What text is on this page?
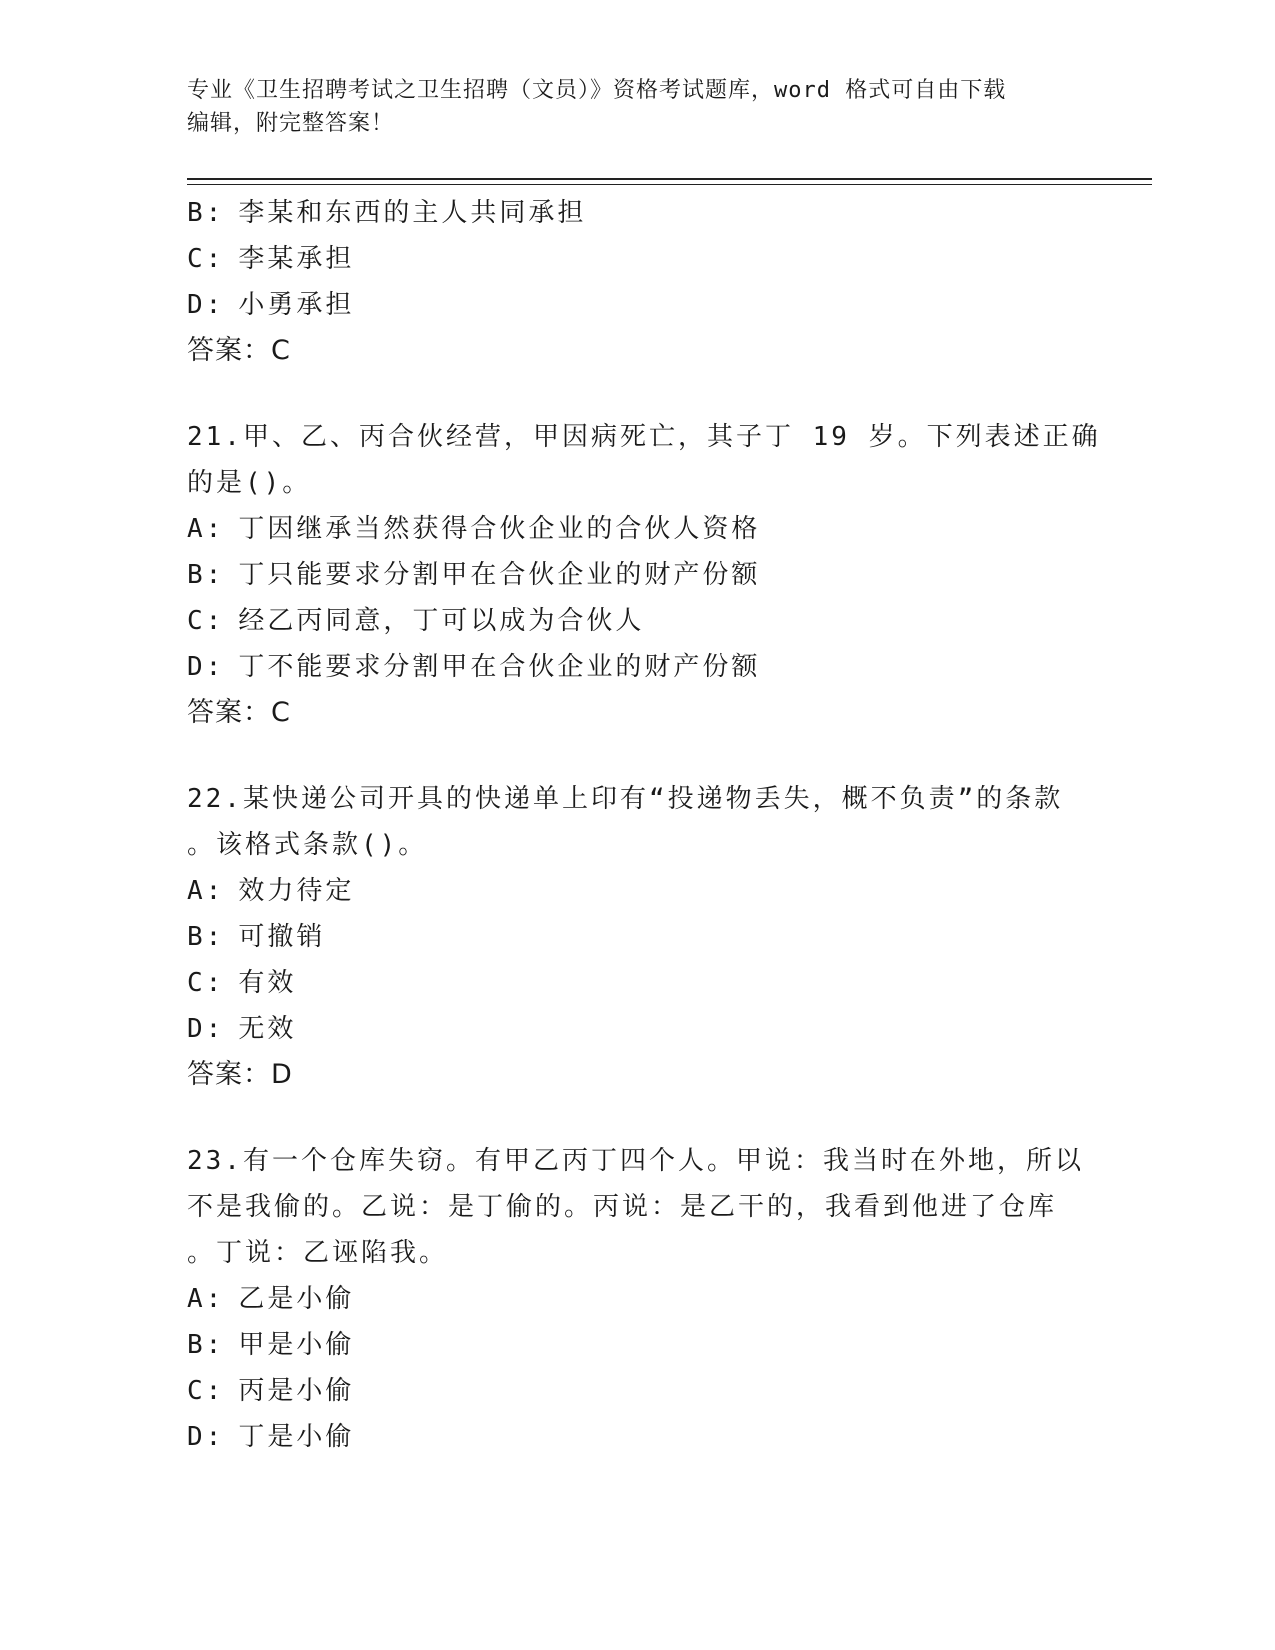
专业《卫生招聘考试之卫生招聘（文员）》资格考试题库，word 格式可自由下载
编辑，附完整答案！
B: 李某和东西的主人共同承担
C: 李某承担
D: 小勇承担
答案：C
21.甲、乙、丙合伙经营，甲因病死亡，其子丁 19 岁。下列表述正确
的是()。
A: 丁因继承当然获得合伙企业的合伙人资格
B: 丁只能要求分割甲在合伙企业的财产份额
C: 经乙丙同意，丁可以成为合伙人
D: 丁不能要求分割甲在合伙企业的财产份额
答案：C
22.某快递公司开具的快递单上印有“投递物丢失，概不负责”的条款
。该格式条款()。
A: 效力待定
B: 可撤销
C: 有效
D: 无效
答案：D
23.有一个仓库失窃。有甲乙丙丁四个人。甲说：我当时在外地，所以
不是我偷的。乙说：是丁偷的。丙说：是乙干的，我看到他进了仓库
。丁说：乙诬陷我。
A: 乙是小偷
B: 甲是小偷
C: 丙是小偷
D: 丁是小偷
